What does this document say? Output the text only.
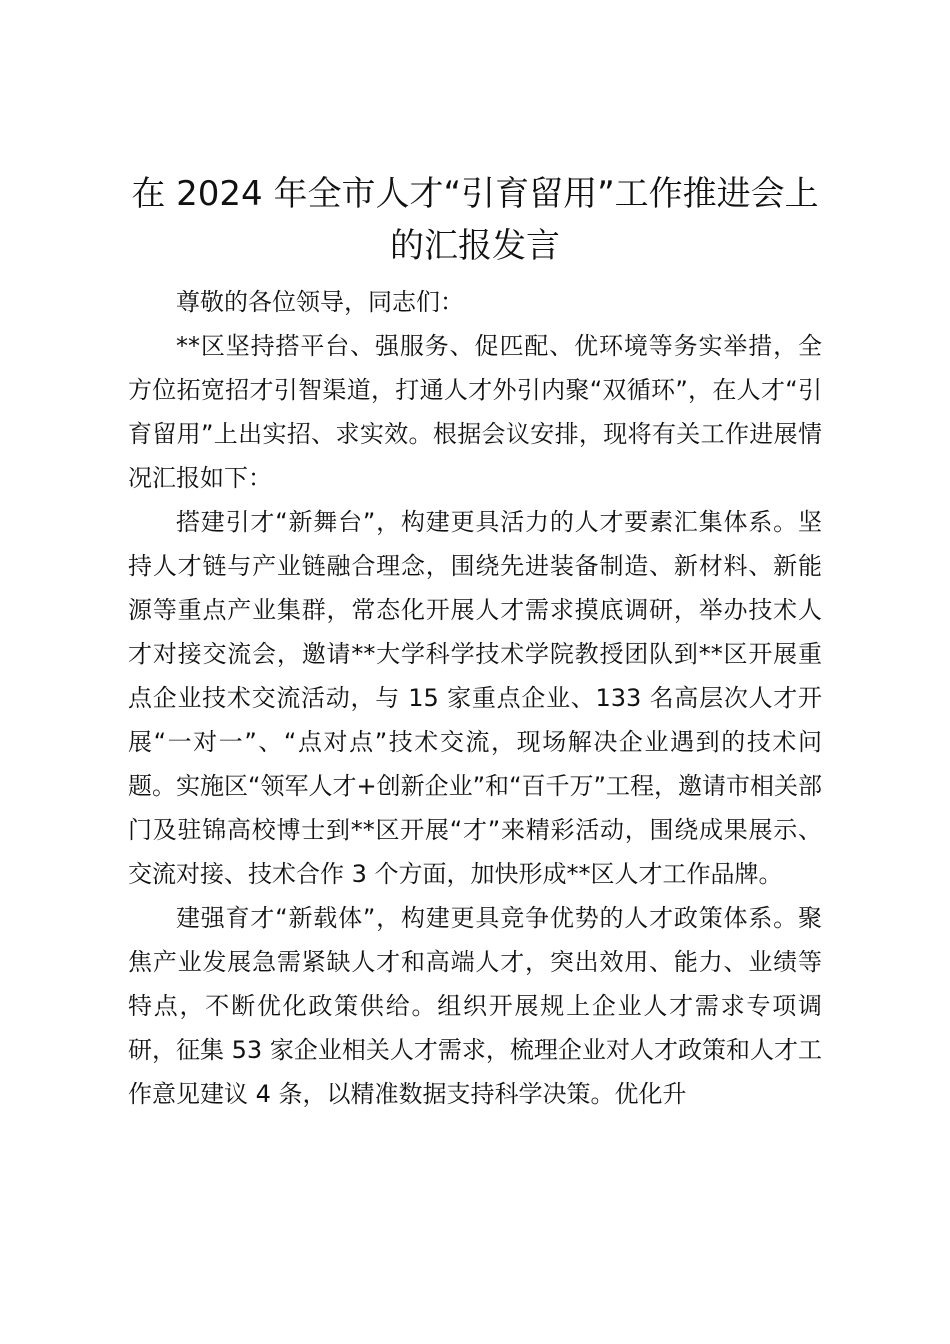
在 2024 年全市人才“引育留用”工作推进会上的汇报发言

尊敬的各位领导，同志们：

**区坚持搭平台、强服务、促匹配、优环境等务实举措，全方位拓宽招才引智渠道，打通人才外引内聚“双循环”，在人才“引育留用”上出实招、求实效。根据会议安排，现将有关工作进展情况汇报如下：

搭建引才“新舞台”，构建更具活力的人才要素汇集体系。坚持人才链与产业链融合理念，围绕先进装备制造、新材料、新能源等重点产业集群，常态化开展人才需求摸底调研，举办技术人才对接交流会，邀请**大学科学技术学院教授团队到**区开展重点企业技术交流活动，与 15 家重点企业、133 名高层次人才开展“一对一”、“点对点”技术交流，现场解决企业遇到的技术问题。实施区“领军人才+创新企业”和“百千万”工程，邀请市相关部门及驻锦高校博士到**区开展“才”来精彩活动，围绕成果展示、交流对接、技术合作 3 个方面，加快形成**区人才工作品牌。

建强育才“新载体”，构建更具竞争优势的人才政策体系。聚焦产业发展急需紧缺人才和高端人才，突出效用、能力、业绩等特点，不断优化政策供给。组织开展规上企业人才需求专项调研，征集 53 家企业相关人才需求，梳理企业对人才政策和人才工作意见建议 4 条，以精准数据支持科学决策。优化升
